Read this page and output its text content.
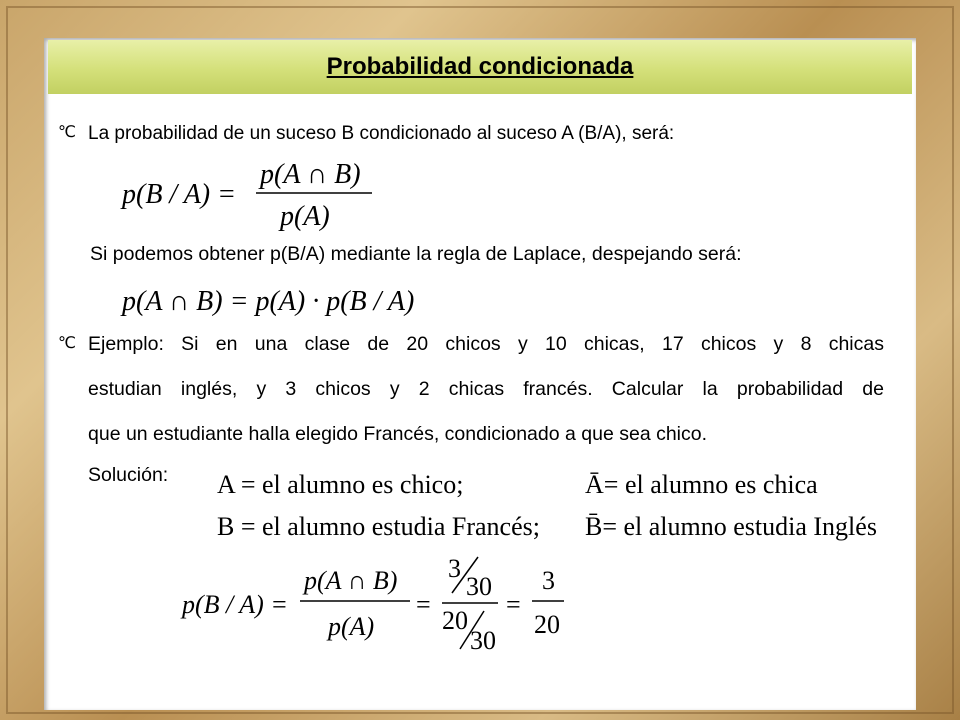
Probabilidad condicionada
℃ La probabilidad de un suceso B condicionado al suceso A (B/A), será:
p(B / A) =
p(A ∩ B)
p(A)
Si podemos obtener p(B/A) mediante la regla de Laplace, despejando será:
p(A ∩ B) = p(A) · p(B / A)
℃ Ejemplo: Si en una clase de 20 chicos y 10 chicas, 17 chicos y 8 chicas
estudian inglés, y 3 chicos y 2 chicas francés. Calcular la probabilidad de
que un estudiante halla elegido Francés, condicionado a que sea chico.
Solución: A = el alumno es chico;	Ā= el alumno es chica
B = el alumno estudia Francés; B̄= el alumno estudia Inglés
p(B / A) =
p(A ∩ B)
p(A)
=
3
30
20
30
=
3
20
